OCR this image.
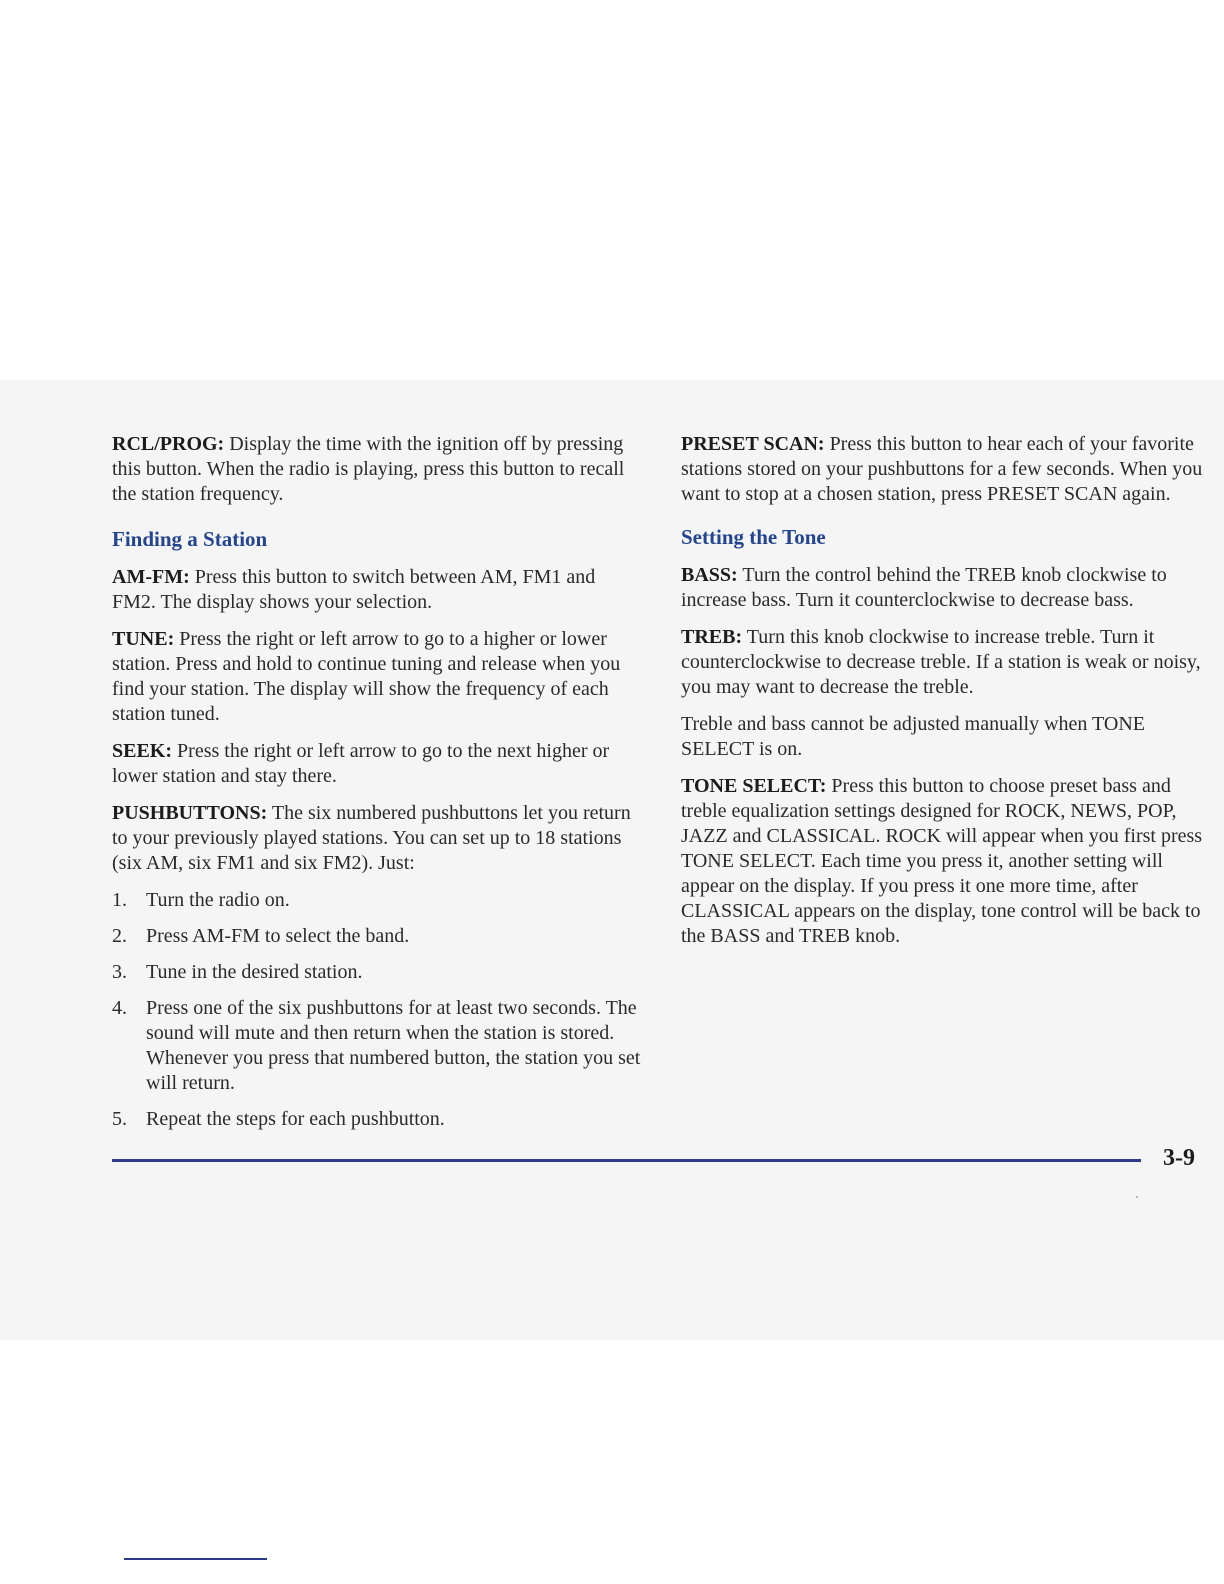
RCL/PROG: Display the time with the ignition off by pressing this button. When the radio is playing, press this button to recall the station frequency.

Finding a Station

AM-FM: Press this button to switch between AM, FM1 and FM2. The display shows your selection.

TUNE: Press the right or left arrow to go to a higher or lower station. Press and hold to continue tuning and release when you find your station. The display will show the frequency of each station tuned.

SEEK: Press the right or left arrow to go to the next higher or lower station and stay there.

PUSHBUTTONS: The six numbered pushbuttons let you return to your previously played stations. You can set up to 18 stations (six AM, six FM1 and six FM2). Just:

1. Turn the radio on.
2. Press AM-FM to select the band.
3. Tune in the desired station.
4. Press one of the six pushbuttons for at least two seconds. The sound will mute and then return when the station is stored. Whenever you press that numbered button, the station you set will return.
5. Repeat the steps for each pushbutton.

PRESET SCAN: Press this button to hear each of your favorite stations stored on your pushbuttons for a few seconds. When you want to stop at a chosen station, press PRESET SCAN again.

Setting the Tone

BASS: Turn the control behind the TREB knob clockwise to increase bass. Turn it counterclockwise to decrease bass.

TREB: Turn this knob clockwise to increase treble. Turn it counterclockwise to decrease treble. If a station is weak or noisy, you may want to decrease the treble.

Treble and bass cannot be adjusted manually when TONE SELECT is on.

TONE SELECT: Press this button to choose preset bass and treble equalization settings designed for ROCK, NEWS, POP, JAZZ and CLASSICAL. ROCK will appear when you first press TONE SELECT. Each time you press it, another setting will appear on the display. If you press it one more time, after CLASSICAL appears on the display, tone control will be back to the BASS and TREB knob.

3-9
